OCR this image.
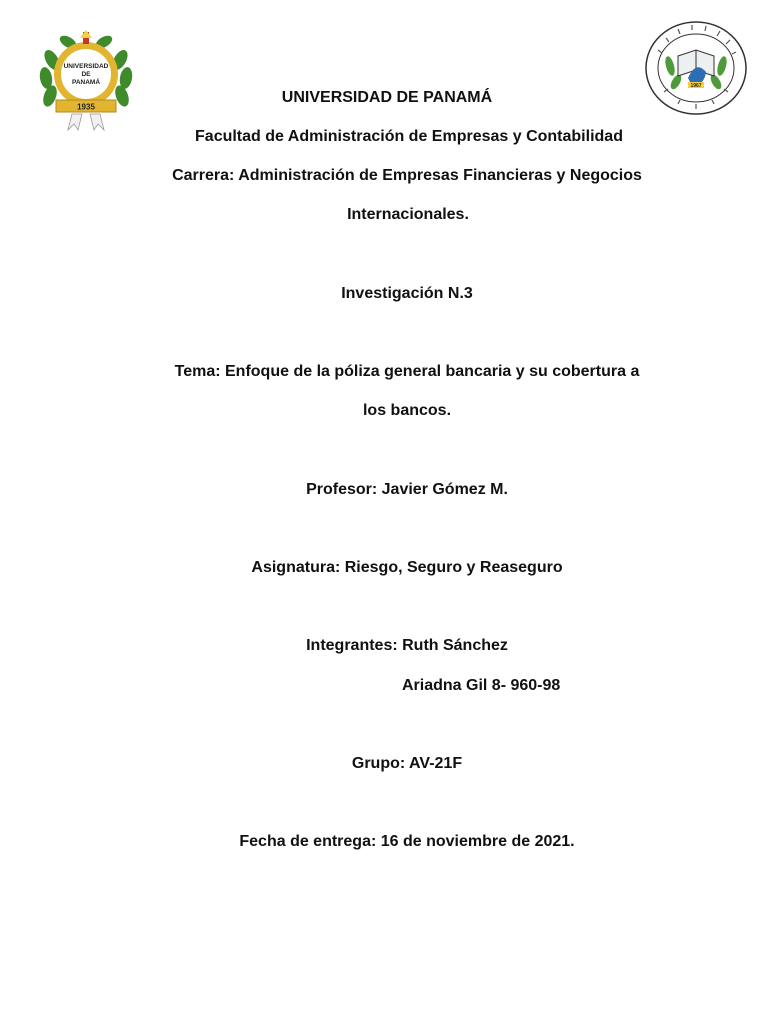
UNIVERSIDAD
DE
PANAMÁ
1935
1967
UNIVERSIDAD DE PANAMÁ
Facultad de Administración de Empresas y Contabilidad
Carrera: Administración de Empresas Financieras y Negocios
Internacionales.
Investigación N.3
Tema: Enfoque de la póliza general bancaria y su cobertura a
los bancos.
Profesor: Javier Gómez M.
Asignatura: Riesgo, Seguro y Reaseguro
Integrantes: Ruth Sánchez
Ariadna Gil 8- 960-98
Grupo: AV-21F
Fecha de entrega: 16 de noviembre de 2021.
